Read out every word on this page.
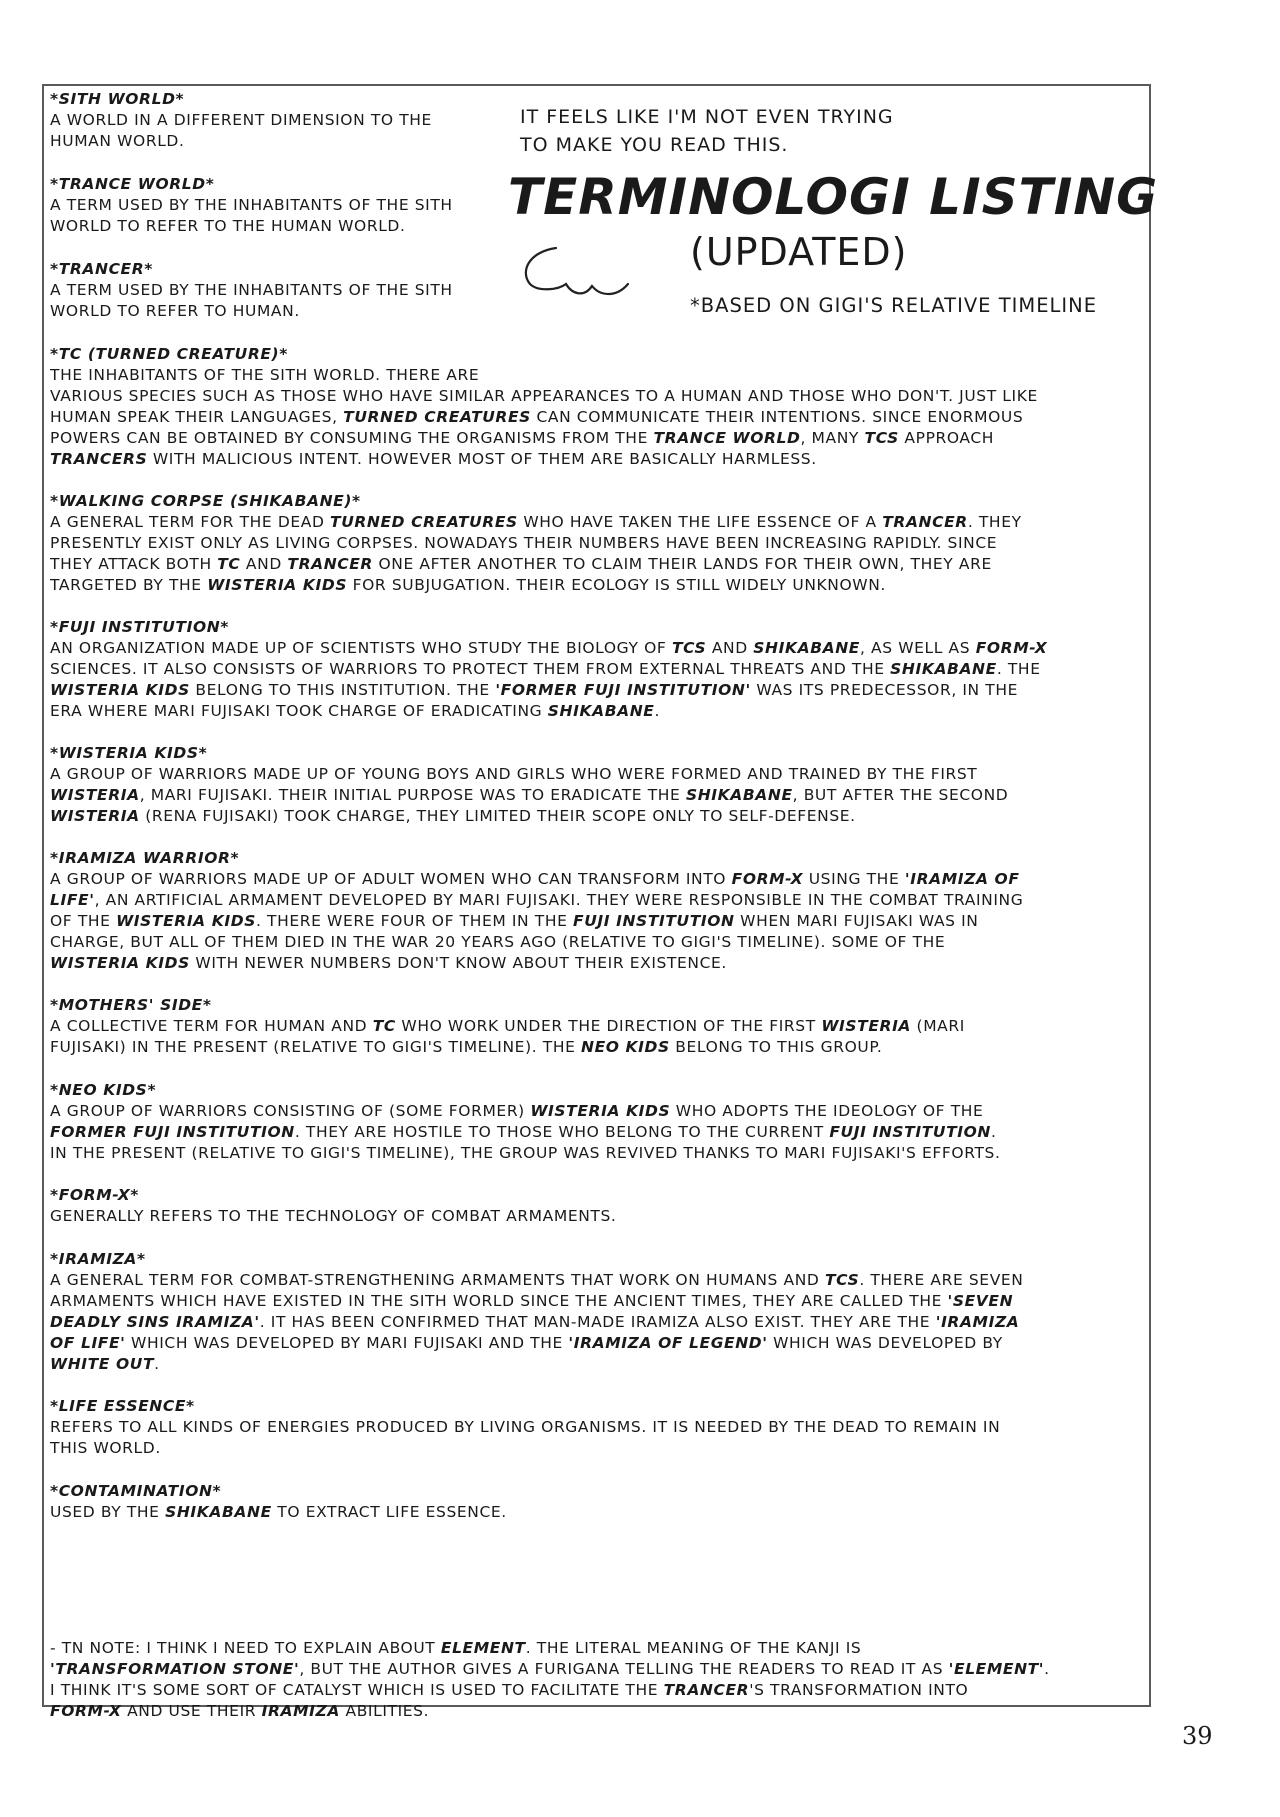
IT FEELS LIKE I'M NOT EVEN TRYING
TO MAKE YOU READ THIS.
TERMINOLOGI LISTING
(UPDATED)
*BASED ON GIGI'S RELATIVE TIMELINE

*SITH WORLD*

A WORLD IN A DIFFERENT DIMENSION TO THE
HUMAN WORLD.

*TRANCE WORLD*

A TERM USED BY THE INHABITANTS OF THE SITH
WORLD TO REFER TO THE HUMAN WORLD.

*TRANCER*

A TERM USED BY THE INHABITANTS OF THE SITH
WORLD TO REFER TO HUMAN.

*TC (TURNED CREATURE)*

THE INHABITANTS OF THE SITH WORLD. THERE ARE
VARIOUS SPECIES SUCH AS THOSE WHO HAVE SIMILAR APPEARANCES TO A HUMAN AND THOSE WHO DON'T. JUST LIKE
HUMAN SPEAK THEIR LANGUAGES, TURNED CREATURES CAN COMMUNICATE THEIR INTENTIONS. SINCE ENORMOUS
POWERS CAN BE OBTAINED BY CONSUMING THE ORGANISMS FROM THE TRANCE WORLD, MANY TCS APPROACH
TRANCERS WITH MALICIOUS INTENT. HOWEVER MOST OF THEM ARE BASICALLY HARMLESS.

*WALKING CORPSE (SHIKABANE)*

A GENERAL TERM FOR THE DEAD TURNED CREATURES WHO HAVE TAKEN THE LIFE ESSENCE OF A TRANCER. THEY
PRESENTLY EXIST ONLY AS LIVING CORPSES. NOWADAYS THEIR NUMBERS HAVE BEEN INCREASING RAPIDLY. SINCE
THEY ATTACK BOTH TC AND TRANCER ONE AFTER ANOTHER TO CLAIM THEIR LANDS FOR THEIR OWN, THEY ARE
TARGETED BY THE WISTERIA KIDS FOR SUBJUGATION. THEIR ECOLOGY IS STILL WIDELY UNKNOWN.

*FUJI INSTITUTION*

AN ORGANIZATION MADE UP OF SCIENTISTS WHO STUDY THE BIOLOGY OF TCS AND SHIKABANE, AS WELL AS FORM-X
SCIENCES. IT ALSO CONSISTS OF WARRIORS TO PROTECT THEM FROM EXTERNAL THREATS AND THE SHIKABANE. THE
WISTERIA KIDS BELONG TO THIS INSTITUTION. THE 'FORMER FUJI INSTITUTION' WAS ITS PREDECESSOR, IN THE
ERA WHERE MARI FUJISAKI TOOK CHARGE OF ERADICATING SHIKABANE.

*WISTERIA KIDS*

A GROUP OF WARRIORS MADE UP OF YOUNG BOYS AND GIRLS WHO WERE FORMED AND TRAINED BY THE FIRST
WISTERIA, MARI FUJISAKI. THEIR INITIAL PURPOSE WAS TO ERADICATE THE SHIKABANE, BUT AFTER THE SECOND
WISTERIA (RENA FUJISAKI) TOOK CHARGE, THEY LIMITED THEIR SCOPE ONLY TO SELF-DEFENSE.

*IRAMIZA WARRIOR*

A GROUP OF WARRIORS MADE UP OF ADULT WOMEN WHO CAN TRANSFORM INTO FORM-X USING THE 'IRAMIZA OF
LIFE', AN ARTIFICIAL ARMAMENT DEVELOPED BY MARI FUJISAKI. THEY WERE RESPONSIBLE IN THE COMBAT TRAINING
OF THE WISTERIA KIDS. THERE WERE FOUR OF THEM IN THE FUJI INSTITUTION WHEN MARI FUJISAKI WAS IN
CHARGE, BUT ALL OF THEM DIED IN THE WAR 20 YEARS AGO (RELATIVE TO GIGI'S TIMELINE). SOME OF THE
WISTERIA KIDS WITH NEWER NUMBERS DON'T KNOW ABOUT THEIR EXISTENCE.

*MOTHERS' SIDE*

A COLLECTIVE TERM FOR HUMAN AND TC WHO WORK UNDER THE DIRECTION OF THE FIRST WISTERIA (MARI
FUJISAKI) IN THE PRESENT (RELATIVE TO GIGI'S TIMELINE). THE NEO KIDS BELONG TO THIS GROUP.

*NEO KIDS*

A GROUP OF WARRIORS CONSISTING OF (SOME FORMER) WISTERIA KIDS WHO ADOPTS THE IDEOLOGY OF THE
FORMER FUJI INSTITUTION. THEY ARE HOSTILE TO THOSE WHO BELONG TO THE CURRENT FUJI INSTITUTION.
IN THE PRESENT (RELATIVE TO GIGI'S TIMELINE), THE GROUP WAS REVIVED THANKS TO MARI FUJISAKI'S EFFORTS.

*FORM-X*

GENERALLY REFERS TO THE TECHNOLOGY OF COMBAT ARMAMENTS.

*IRAMIZA*

A GENERAL TERM FOR COMBAT-STRENGTHENING ARMAMENTS THAT WORK ON HUMANS AND TCS. THERE ARE SEVEN
ARMAMENTS WHICH HAVE EXISTED IN THE SITH WORLD SINCE THE ANCIENT TIMES, THEY ARE CALLED THE 'SEVEN
DEADLY SINS IRAMIZA'. IT HAS BEEN CONFIRMED THAT MAN-MADE IRAMIZA ALSO EXIST. THEY ARE THE 'IRAMIZA
OF LIFE' WHICH WAS DEVELOPED BY MARI FUJISAKI AND THE 'IRAMIZA OF LEGEND' WHICH WAS DEVELOPED BY
WHITE OUT.

*LIFE ESSENCE*

REFERS TO ALL KINDS OF ENERGIES PRODUCED BY LIVING ORGANISMS. IT IS NEEDED BY THE DEAD TO REMAIN IN
THIS WORLD.

*CONTAMINATION*

USED BY THE SHIKABANE TO EXTRACT LIFE ESSENCE.

- TN NOTE: I THINK I NEED TO EXPLAIN ABOUT ELEMENT. THE LITERAL MEANING OF THE KANJI IS
'TRANSFORMATION STONE', BUT THE AUTHOR GIVES A FURIGANA TELLING THE READERS TO READ IT AS 'ELEMENT'.
I THINK IT'S SOME SORT OF CATALYST WHICH IS USED TO FACILITATE THE TRANCER'S TRANSFORMATION INTO
FORM-X AND USE THEIR IRAMIZA ABILITIES.

39
